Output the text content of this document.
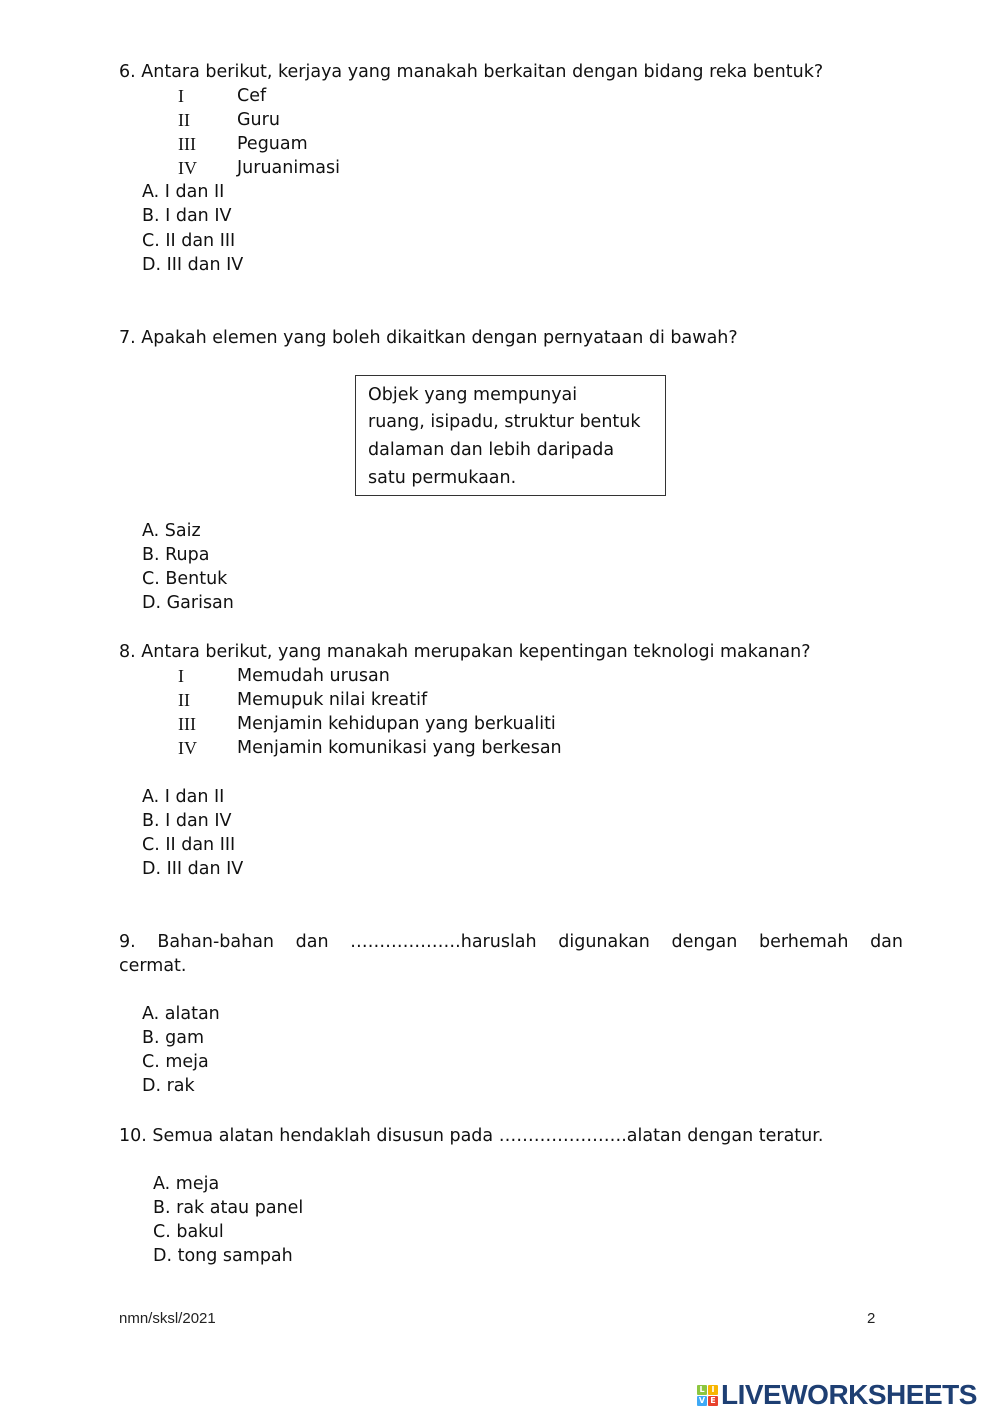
6. Antara berikut, kerjaya yang manakah berkaitan dengan bidang reka bentuk?
I	Cef
II	Guru
III Peguam
IV Juruanimasi
A. I dan II
B. I dan IV
C. II dan III
D. III dan IV
7. Apakah elemen yang boleh dikaitkan dengan pernyataan di bawah?
Objek yang mempunyai
ruang, isipadu, struktur bentuk
dalaman dan lebih daripada
satu permukaan.
A. Saiz
B. Rupa
C. Bentuk
D. Garisan
8. Antara berikut, yang manakah merupakan kepentingan teknologi makanan?
I	Memudah urusan
II	Memupuk nilai kreatif
III Menjamin kehidupan yang berkualiti
IV Menjamin komunikasi yang berkesan
A. I dan II
B. I dan IV
C. II dan III
D. III dan IV
9. Bahan-bahan dan ……………….haruslah digunakan dengan berhemah dan
cermat.
A. alatan
B. gam
C. meja
D. rak
10. Semua alatan hendaklah disusun pada ………………….alatan dengan teratur.
A. meja
B. rak atau panel
C. bakul
D. tong sampah
nmn/sksl/2021	2
L I
V E LIVEWORKSHEETS
